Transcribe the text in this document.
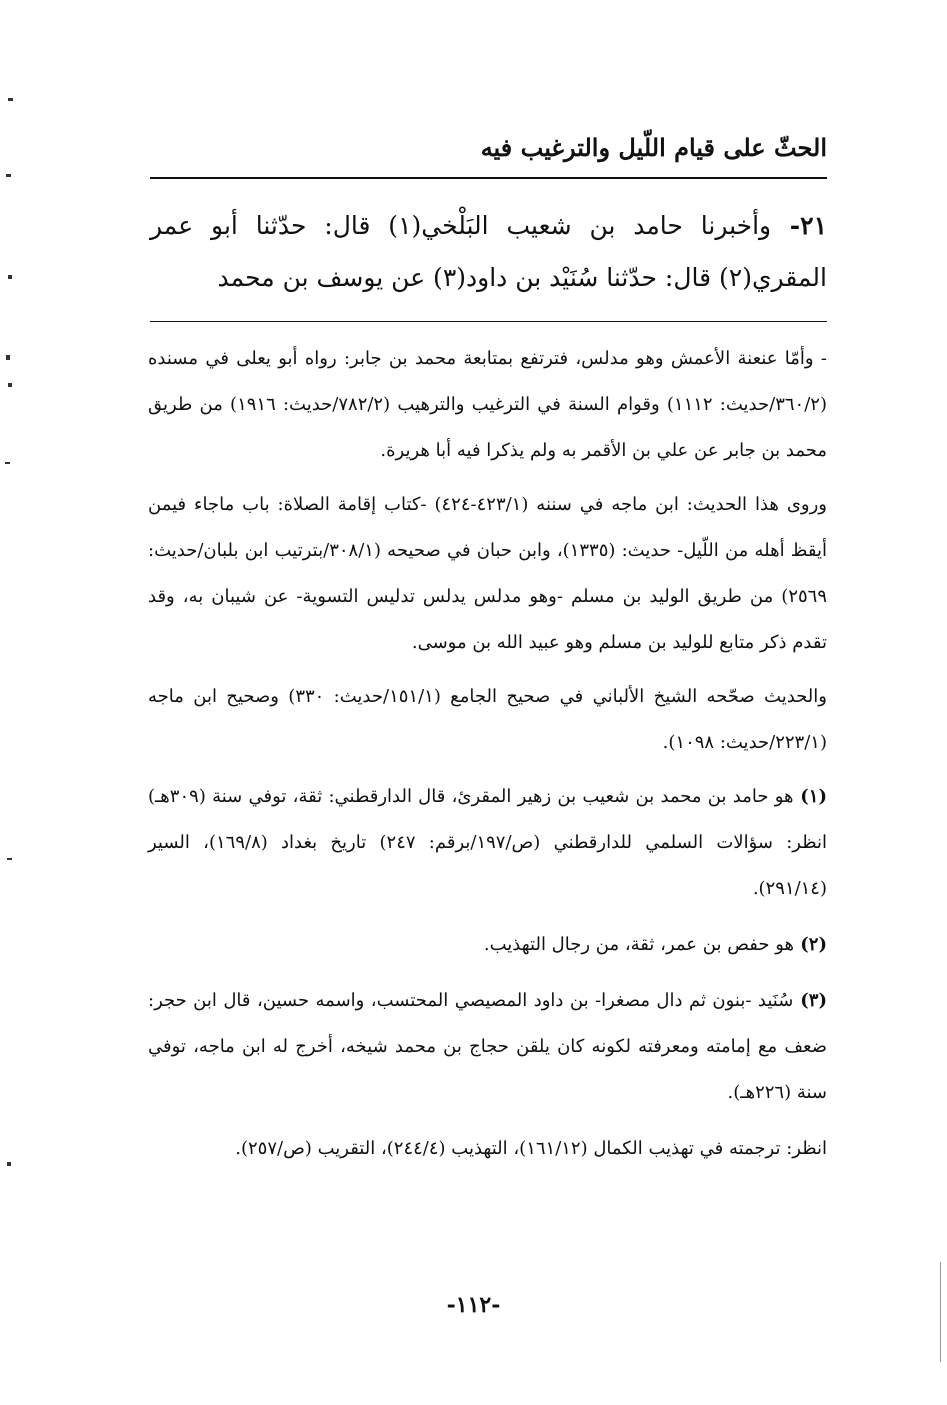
الحثّ على قيام اللّيل والترغيب فيه
٢١- وأخبرنا حامد بن شعيب البَلْخي(١) قال: حدّثنا أبو عمر المقري(٢) قال: حدّثنا سُنَيْد بن داود(٣) عن يوسف بن محمد

- وأمّا عنعنة الأعمش وهو مدلس، فترتفع بمتابعة محمد بن جابر: رواه أبو يعلى في مسنده (٣٦٠/٢/حديث: ١١١٢) وقوام السنة في الترغيب والترهيب (٧٨٢/٢/حديث: ١٩١٦) من طريق محمد بن جابر عن علي بن الأقمر به ولم يذكرا فيه أبا هريرة.

وروى هذا الحديث: ابن ماجه في سننه (٤٢٣/١-٤٢٤) -كتاب إقامة الصلاة: باب ماجاء فيمن أيقظ أهله من اللّيل- حديث: (١٣٣٥)، وابن حبان في صحيحه (٣٠٨/١/بترتيب ابن بلبان/حديث: ٢٥٦٩) من طريق الوليد بن مسلم -وهو مدلس يدلس تدليس التسوية- عن شيبان به، وقد تقدم ذكر متابع للوليد بن مسلم وهو عبيد الله بن موسى.

والحديث صحّحه الشيخ الألباني في صحيح الجامع (١٥١/١/حديث: ٣٣٠) وصحيح ابن ماجه (٢٢٣/١/حديث: ١٠٩٨).

(١) هو حامد بن محمد بن شعيب بن زهير المقرئ، قال الدارقطني: ثقة، توفي سنة (٣٠٩هـ) انظر: سؤالات السلمي للدارقطني (ص/١٩٧/برقم: ٢٤٧) تاريخ بغداد (١٦٩/٨)، السير (٢٩١/١٤).

(٢) هو حفص بن عمر، ثقة، من رجال التهذيب.

(٣) سُنَيد -بنون ثم دال مصغرا- بن داود المصيصي المحتسب، واسمه حسين، قال ابن حجر: ضعف مع إمامته ومعرفته لكونه كان يلقن حجاج بن محمد شيخه، أخرج له ابن ماجه، توفي سنة (٢٢٦هـ).

انظر: ترجمته في تهذيب الكمال (١٦١/١٢)، التهذيب (٢٤٤/٤)، التقريب (ص/٢٥٧).

-١١٢-
